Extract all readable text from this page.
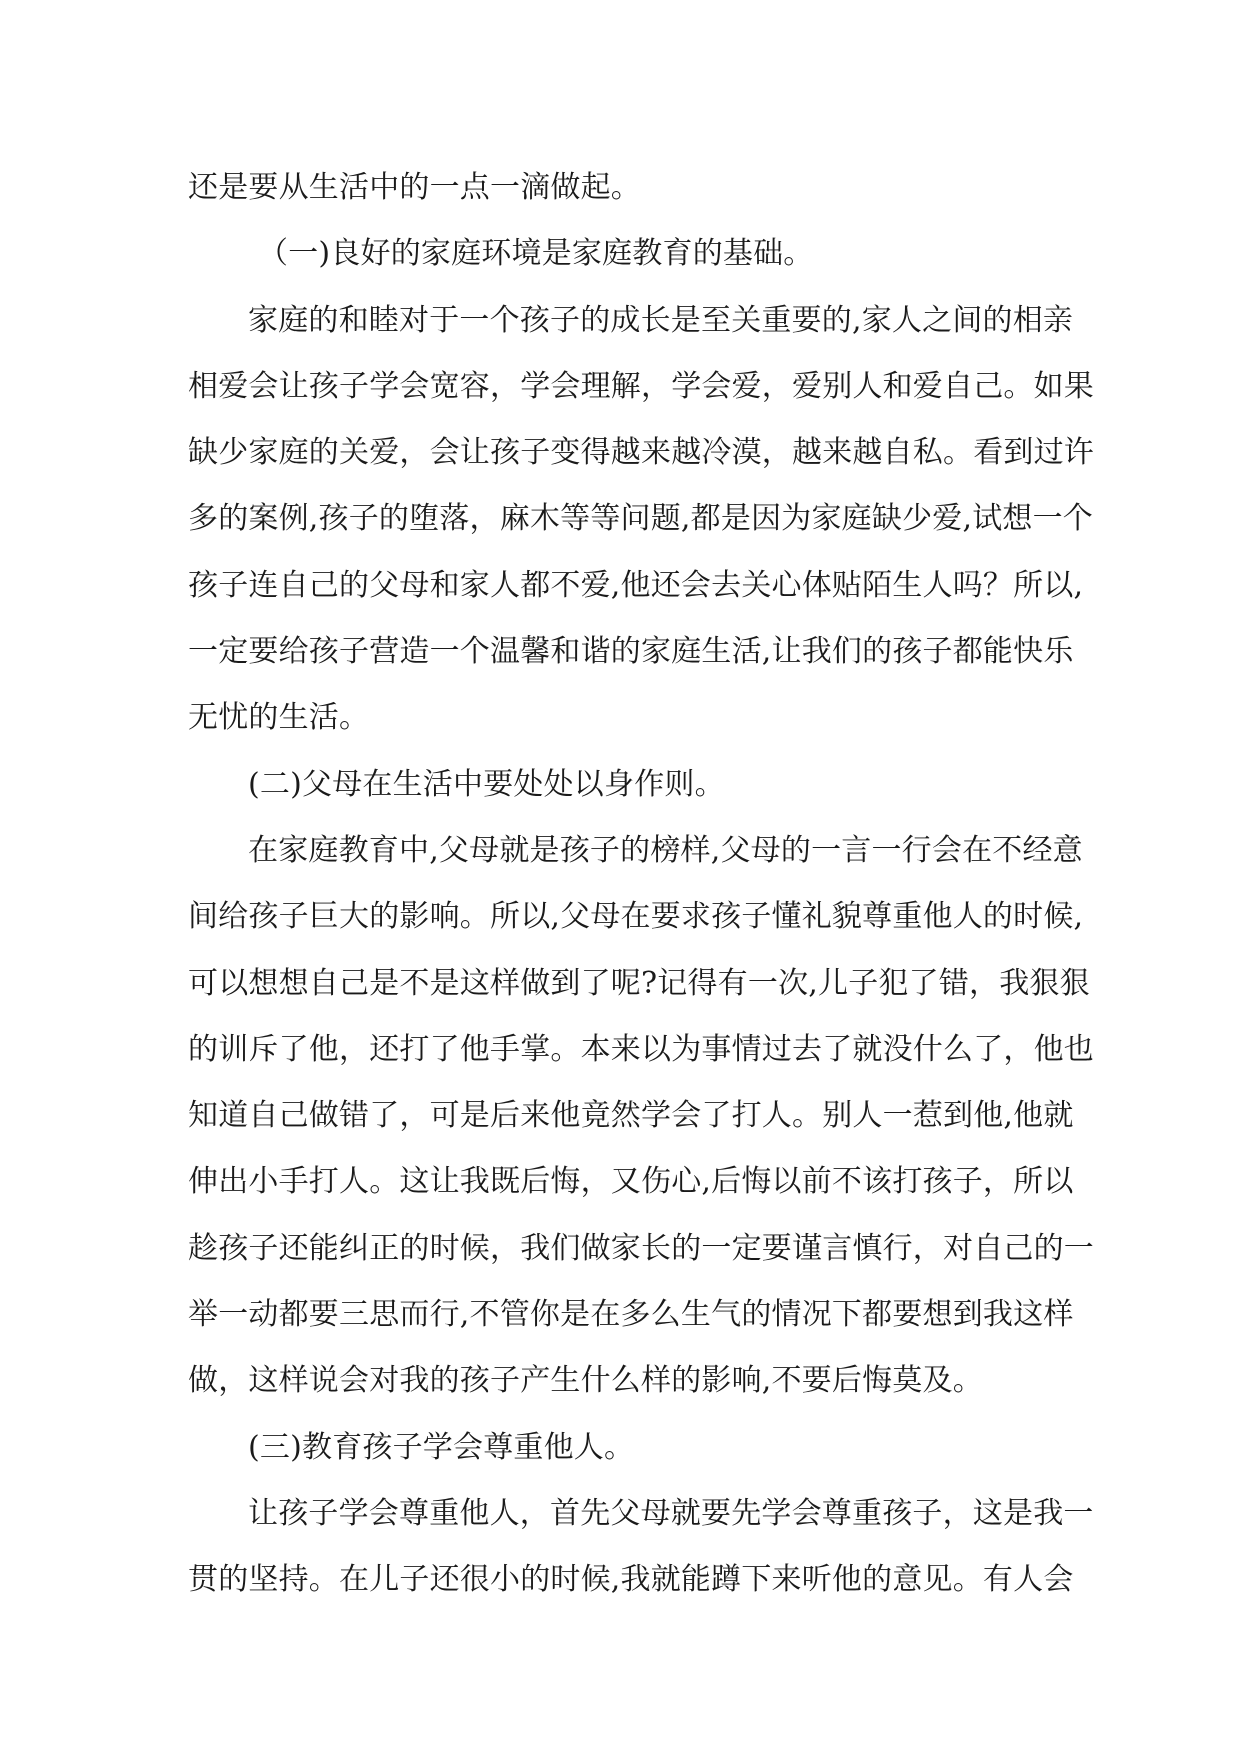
还是要从生活中的一点一滴做起。
（一)良好的家庭环境是家庭教育的基础。
家庭的和睦对于一个孩子的成长是至关重要的,家人之间的相亲
相爱会让孩子学会宽容，学会理解，学会爱，爱别人和爱自己。如果
缺少家庭的关爱，会让孩子变得越来越冷漠，越来越自私。看到过许
多的案例,孩子的堕落，麻木等等问题,都是因为家庭缺少爱,试想一个
孩子连自己的父母和家人都不爱,他还会去关心体贴陌生人吗？所以,
一定要给孩子营造一个温馨和谐的家庭生活,让我们的孩子都能快乐
无忧的生活。
(二)父母在生活中要处处以身作则。
在家庭教育中,父母就是孩子的榜样,父母的一言一行会在不经意
间给孩子巨大的影响。所以,父母在要求孩子懂礼貌尊重他人的时候,
可以想想自己是不是这样做到了呢?记得有一次,儿子犯了错，我狠狠
的训斥了他，还打了他手掌。本来以为事情过去了就没什么了，他也
知道自己做错了，可是后来他竟然学会了打人。别人一惹到他,他就
伸出小手打人。这让我既后悔，又伤心,后悔以前不该打孩子，所以
趁孩子还能纠正的时候，我们做家长的一定要谨言慎行，对自己的一
举一动都要三思而行,不管你是在多么生气的情况下都要想到我这样
做，这样说会对我的孩子产生什么样的影响,不要后悔莫及。
(三)教育孩子学会尊重他人。
让孩子学会尊重他人，首先父母就要先学会尊重孩子，这是我一
贯的坚持。在儿子还很小的时候,我就能蹲下来听他的意见。有人会
